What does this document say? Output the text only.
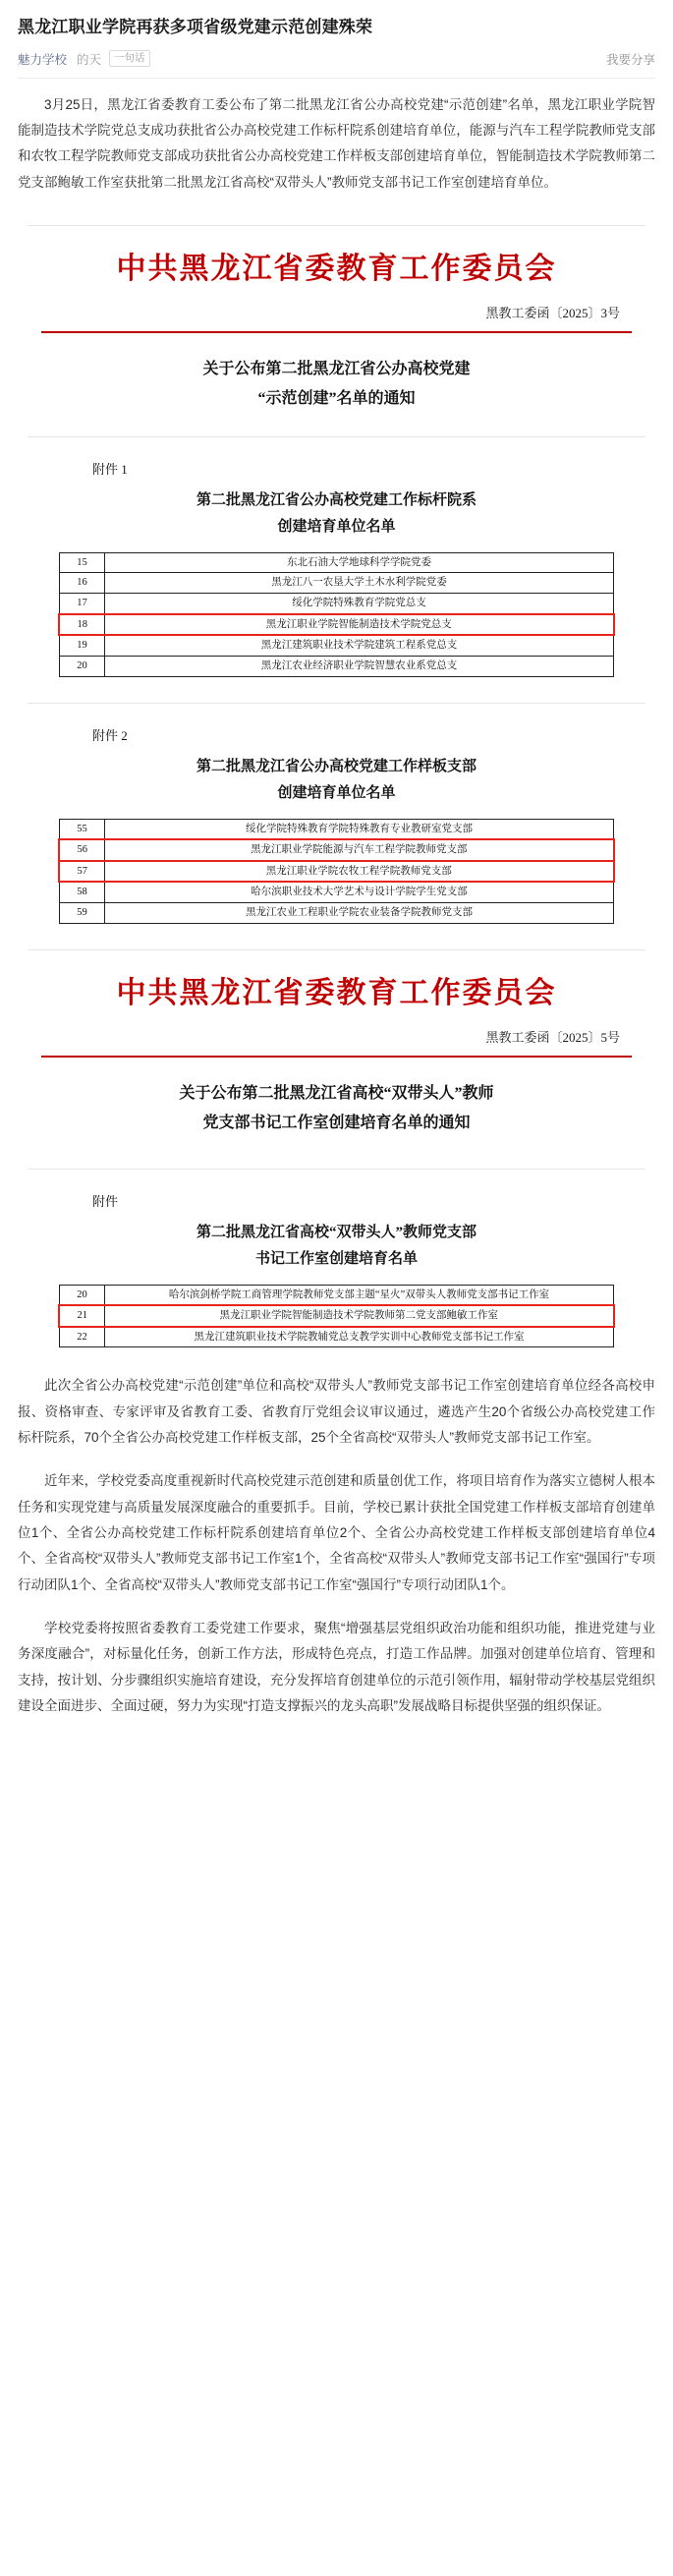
黑龙江职业学院再获多项省级党建示范创建殊荣
魅力学校 的天	一句话	我要分享
3月25日，黑龙江省委教育工委公布了第二批黑龙江省公办高校党建“示范创建”名单，黑龙江职业学院智能制造技术学院党总支成功获批省公办高校党建工作标杆院系创建培育单位，能源与汽车工程学院教师党支部和农牧工程学院教师党支部成功获批省公办高校党建工作样板支部创建培育单位，智能制造技术学院教师第二党支部鲍敏工作室获批第二批黑龙江省高校“双带头人”教师党支部书记工作室创建培育单位。
中共黑龙江省委教育工作委员会
黑教工委函〔2025〕3号
关于公布第二批黑龙江省公办高校党建
“示范创建”名单的通知
附件 1
第二批黑龙江省公办高校党建工作标杆院系
创建培育单位名单
15	东北石油大学地球科学学院党委
16	黑龙江八一农垦大学土木水利学院党委
17	绥化学院特殊教育学院党总支
18	黑龙江职业学院智能制造技术学院党总支
19	黑龙江建筑职业技术学院建筑工程系党总支
20	黑龙江农业经济职业学院智慧农业系党总支
附件 2
第二批黑龙江省公办高校党建工作样板支部
创建培育单位名单
55	绥化学院特殊教育学院特殊教育专业教研室党支部
56	黑龙江职业学院能源与汽车工程学院教师党支部
57	黑龙江职业学院农牧工程学院教师党支部
58	哈尔滨职业技术大学艺术与设计学院学生党支部
59	黑龙江农业工程职业学院农业装备学院教师党支部
中共黑龙江省委教育工作委员会
黑教工委函〔2025〕5号
关于公布第二批黑龙江省高校“双带头人”教师
党支部书记工作室创建培育名单的通知
附件
第二批黑龙江省高校“双带头人”教师党支部
书记工作室创建培育名单
20	哈尔滨剑桥学院工商管理学院教师党支部主题“星火”双带头人教师党支部书记工作室
21	黑龙江职业学院智能制造技术学院教师第二党支部鲍敏工作室
22	黑龙江建筑职业技术学院教辅党总支教学实训中心教师党支部书记工作室
此次全省公办高校党建“示范创建”单位和高校“双带头人”教师党支部书记工作室创建培育单位经各高校申报、资格审查、专家评审及省教育工委、省教育厅党组会议审议通过，遴选产生20个省级公办高校党建工作标杆院系，70个全省公办高校党建工作样板支部，25个全省高校“双带头人”教师党支部书记工作室。
近年来，学校党委高度重视新时代高校党建示范创建和质量创优工作，将项目培育作为落实立德树人根本任务和实现党建与高质量发展深度融合的重要抓手。目前，学校已累计获批全国党建工作样板支部培育创建单位1个、全省公办高校党建工作标杆院系创建培育单位2个、全省公办高校党建工作样板支部创建培育单位4个、全省高校“双带头人”教师党支部书记工作室1个，全省高校“双带头人”教师党支部书记工作室“强国行”专项行动团队1个、全省高校“双带头人”教师党支部书记工作室“强国行”专项行动团队1个。
学校党委将按照省委教育工委党建工作要求，聚焦“增强基层党组织政治功能和组织功能，推进党建与业务深度融合”，对标量化任务，创新工作方法，形成特色亮点，打造工作品牌。加强对创建单位培育、管理和支持，按计划、分步骤组织实施培育建设，充分发挥培育创建单位的示范引领作用，辐射带动学校基层党组织建设全面进步、全面过硬，努力为实现“打造支撑振兴的龙头高职”发展战略目标提供坚强的组织保证。
